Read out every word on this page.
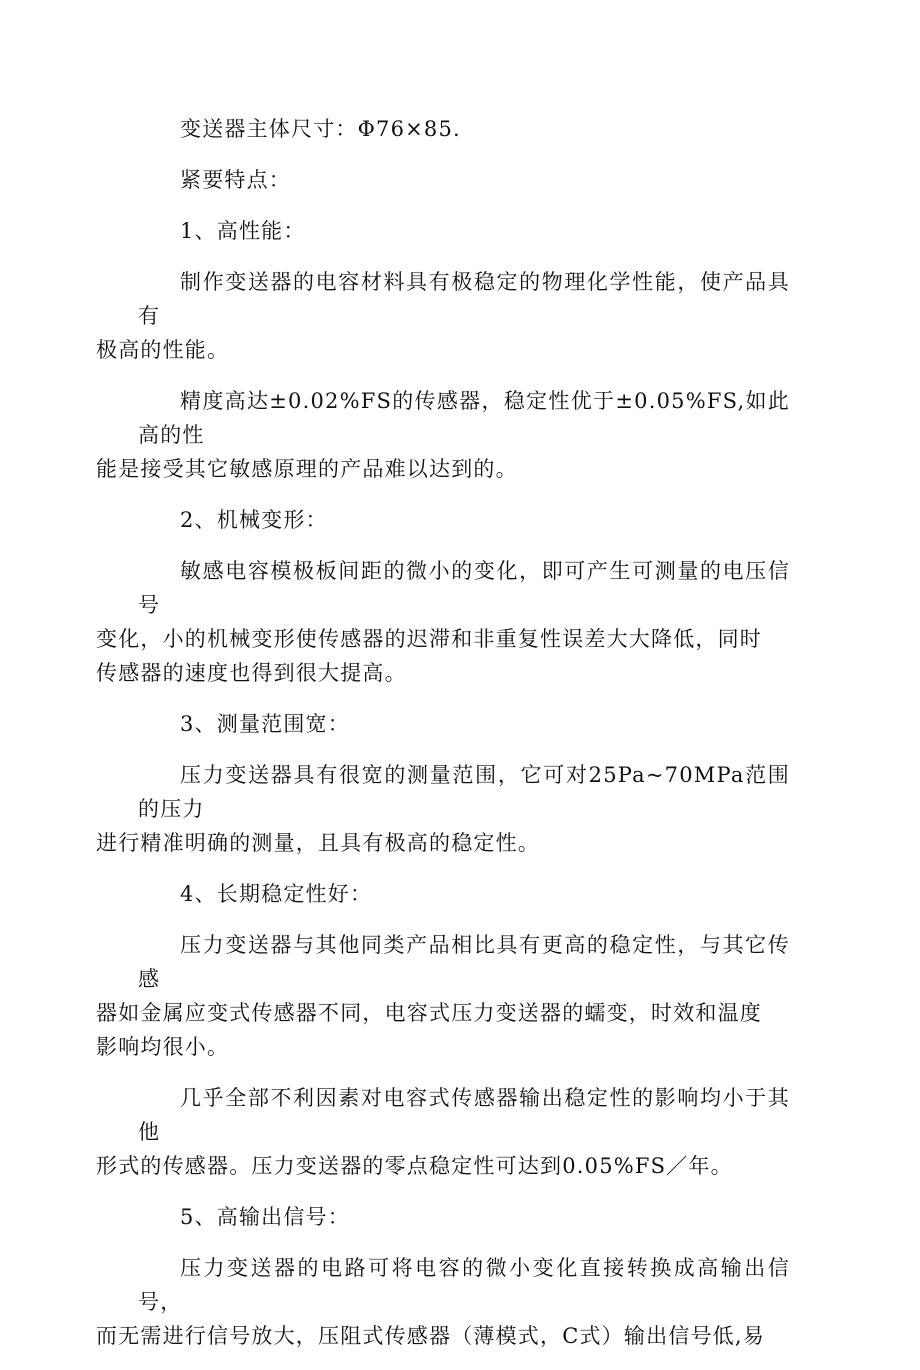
变送器主体尺寸：Φ76×85.
紧要特点：
1、高性能：
制作变送器的电容材料具有极稳定的物理化学性能，使产品具有
极高的性能。
精度高达±0.02%FS的传感器，稳定性优于±0.05%FS,如此高的性
能是接受其它敏感原理的产品难以达到的。
2、机械变形：
敏感电容模极板间距的微小的变化，即可产生可测量的电压信号
变化，小的机械变形使传感器的迟滞和非重复性误差大大降低，同时
传感器的速度也得到很大提高。
3、测量范围宽：
压力变送器具有很宽的测量范围，它可对25Pa~70MPa范围的压力
进行精准明确的测量，且具有极高的稳定性。
4、长期稳定性好：
压力变送器与其他同类产品相比具有更高的稳定性，与其它传感
器如金属应变式传感器不同，电容式压力变送器的蠕变，时效和温度
影响均很小。
几乎全部不利因素对电容式传感器输出稳定性的影响均小于其他
形式的传感器。压力变送器的零点稳定性可达到0.05%FS／年。
5、高输出信号：
压力变送器的电路可将电容的微小变化直接转换成高输出信号，
而无需进行信号放大，压阻式传感器（薄模式，C式）输出信号低,易
